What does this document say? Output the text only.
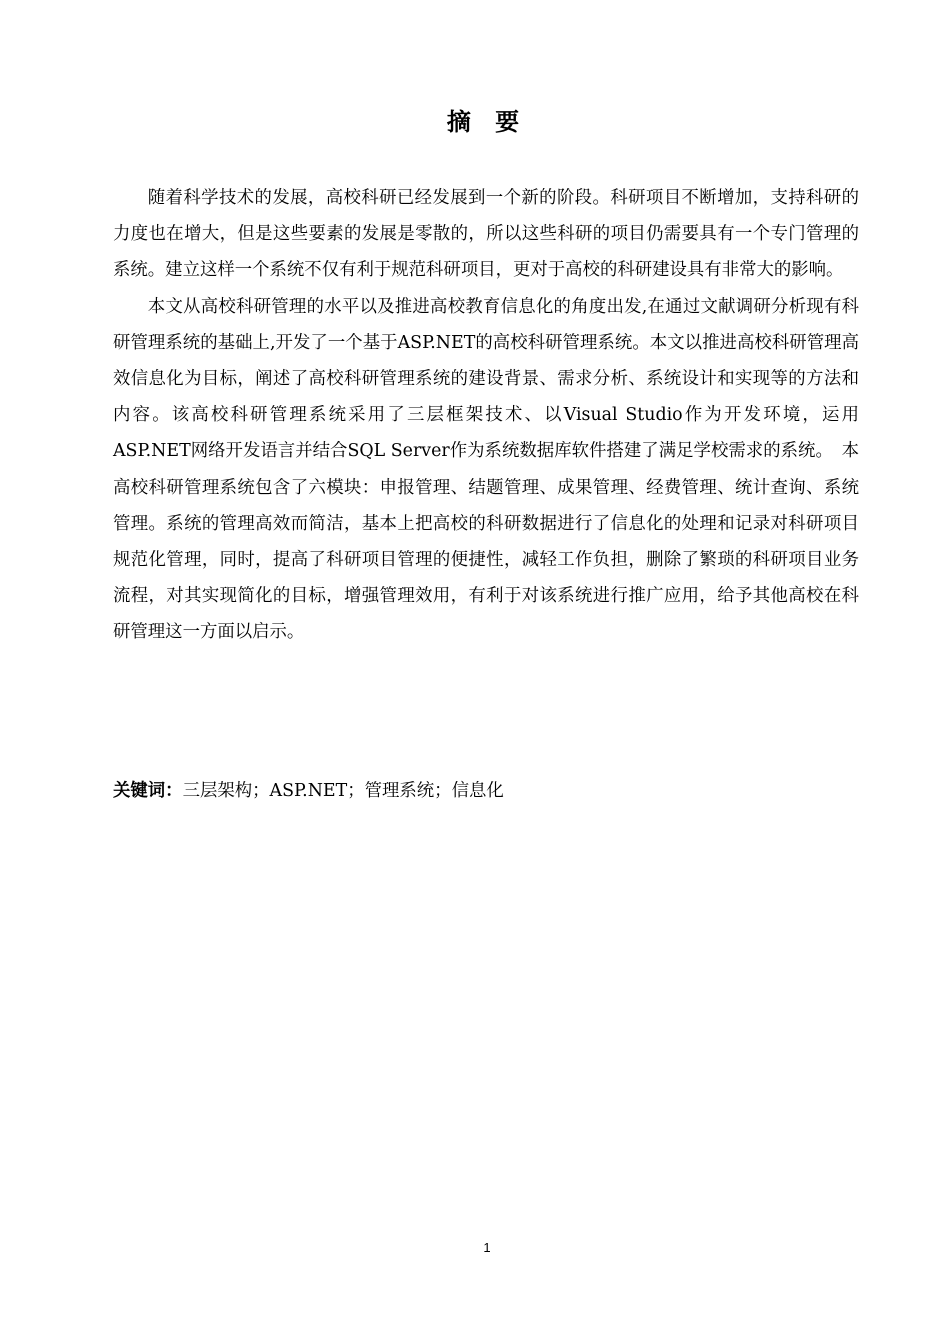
摘 要

随着科学技术的发展，高校科研已经发展到一个新的阶段。科研项目不断增加，支持科研的力度也在增大，但是这些要素的发展是零散的，所以这些科研的项目仍需要具有一个专门管理的系统。建立这样一个系统不仅有利于规范科研项目，更对于高校的科研建设具有非常大的影响。

本文从高校科研管理的水平以及推进高校教育信息化的角度出发,在通过文献调研分析现有科研管理系统的基础上,开发了一个基于ASP.NET的高校科研管理系统。本文以推进高校科研管理高效信息化为目标，阐述了高校科研管理系统的建设背景、需求分析、系统设计和实现等的方法和内容。该高校科研管理系统采用了三层框架技术、以Visual Studio作为开发环境，运用ASP.NET网络开发语言并结合SQL Server作为系统数据库软件搭建了满足学校需求的系统。　本高校科研管理系统包含了六模块：申报管理、结题管理、成果管理、经费管理、统计查询、系统管理。系统的管理高效而简洁，基本上把高校的科研数据进行了信息化的处理和记录对科研项目规范化管理，同时，提高了科研项目管理的便捷性，减轻工作负担，删除了繁琐的科研项目业务流程，对其实现简化的目标，增强管理效用，有利于对该系统进行推广应用，给予其他高校在科研管理这一方面以启示。

关键词：三层架构；ASP.NET；管理系统；信息化
1
